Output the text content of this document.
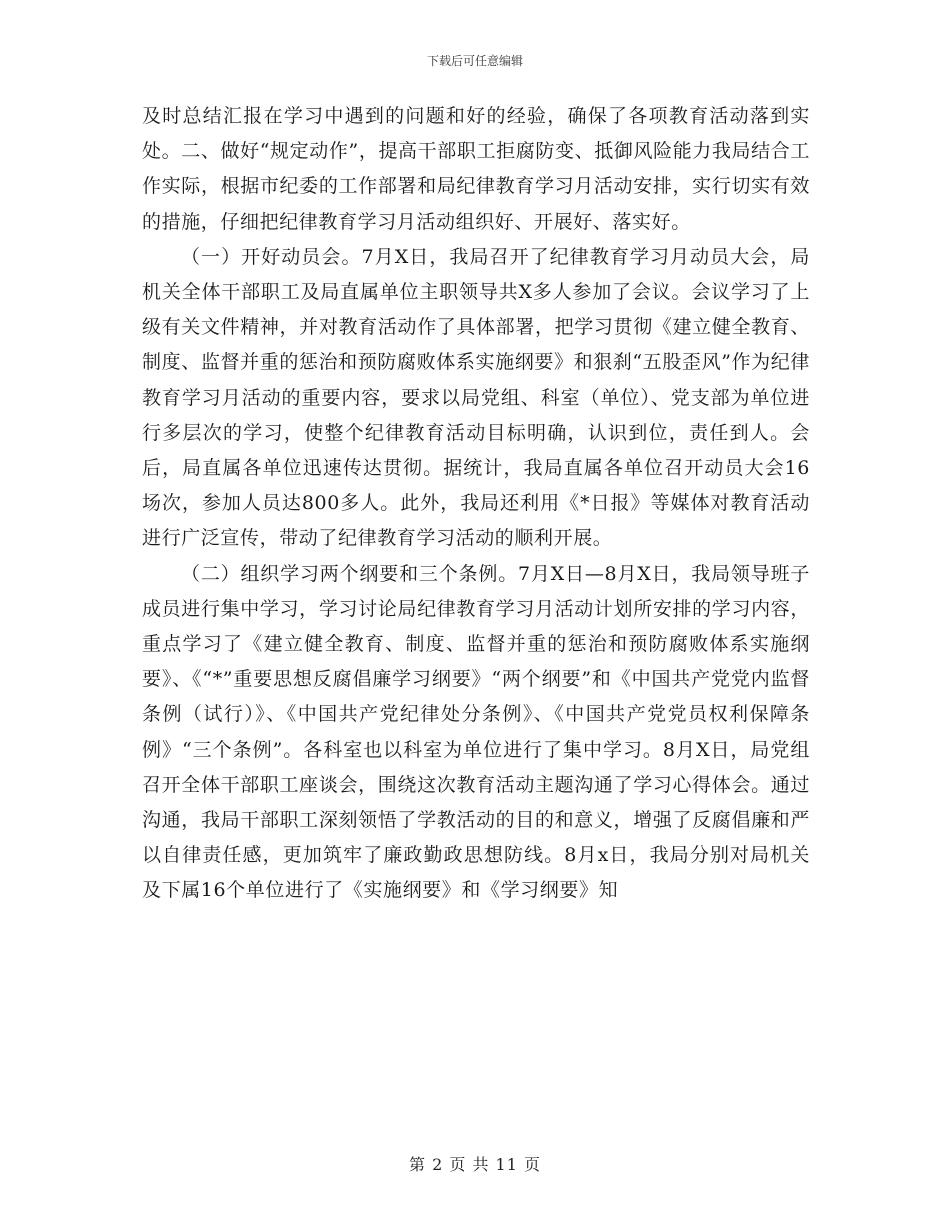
下载后可任意编辑

及时总结汇报在学习中遇到的问题和好的经验，确保了各项教育活动落到实处。二、做好“规定动作”，提高干部职工拒腐防变、抵御风险能力我局结合工作实际，根据市纪委的工作部署和局纪律教育学习月活动安排，实行切实有效的措施，仔细把纪律教育学习月活动组织好、开展好、落实好。

（一）开好动员会。7月X日，我局召开了纪律教育学习月动员大会，局机关全体干部职工及局直属单位主职领导共X多人参加了会议。会议学习了上级有关文件精神，并对教育活动作了具体部署，把学习贯彻《建立健全教育、制度、监督并重的惩治和预防腐败体系实施纲要》和狠刹“五股歪风”作为纪律教育学习月活动的重要内容，要求以局党组、科室（单位）、党支部为单位进行多层次的学习，使整个纪律教育活动目标明确，认识到位，责任到人。会后，局直属各单位迅速传达贯彻。据统计，我局直属各单位召开动员大会16场次，参加人员达800多人。此外，我局还利用《*日报》等媒体对教育活动进行广泛宣传，带动了纪律教育学习活动的顺利开展。

（二）组织学习两个纲要和三个条例。7月X日—8月X日，我局领导班子成员进行集中学习，学习讨论局纪律教育学习月活动计划所安排的学习内容，重点学习了《建立健全教育、制度、监督并重的惩治和预防腐败体系实施纲要》、《“*”重要思想反腐倡廉学习纲要》“两个纲要”和《中国共产党党内监督条例（试行）》、《中国共产党纪律处分条例》、《中国共产党党员权利保障条例》“三个条例”。各科室也以科室为单位进行了集中学习。8月X日，局党组召开全体干部职工座谈会，围绕这次教育活动主题沟通了学习心得体会。通过沟通，我局干部职工深刻领悟了学教活动的目的和意义，增强了反腐倡廉和严以自律责任感，更加筑牢了廉政勤政思想防线。8月x日，我局分别对局机关及下属16个单位进行了《实施纲要》和《学习纲要》知

第 2 页 共 11 页
